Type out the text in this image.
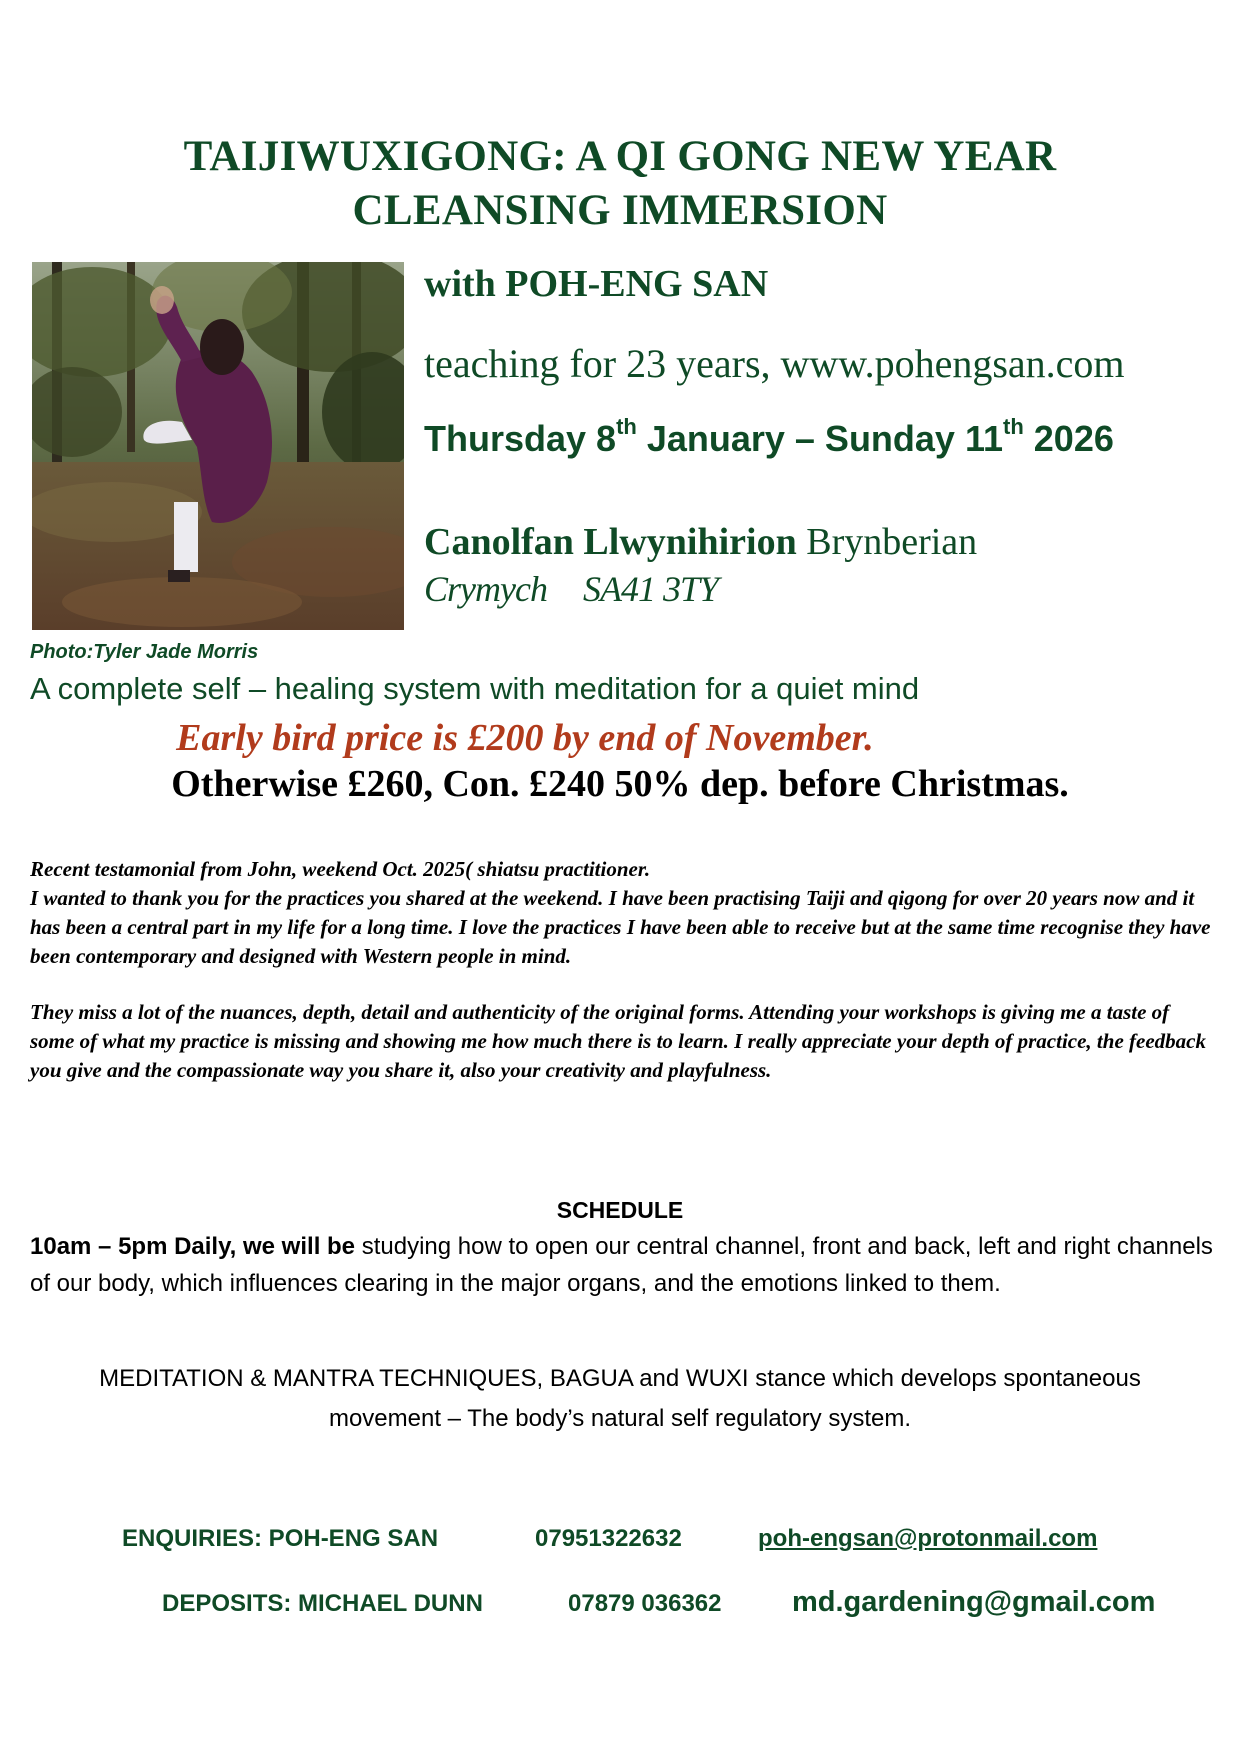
TAIJIWUXIGONG: A QI GONG NEW YEAR
CLEANSING IMMERSION
Photo:Tyler Jade Morris
with POH-ENG SAN
teaching for 23 years, www.pohengsan.com
Thursday 8th January – Sunday 11th 2026
Canolfan Llwynihirion Brynberian
Crymych SA41 3TY
A complete self – healing system with meditation for a quiet mind
Early bird price is £200 by end of November.
Otherwise £260, Con. £240 50% dep. before Christmas.

Recent testamonial from John, weekend Oct. 2025( shiatsu practitioner.

I wanted to thank you for the practices you shared at the weekend. I have been practising Taiji and qigong for over 20 years now and it has been a central part in my life for a long time. I love the practices I have been able to receive but at the same time recognise they have been contemporary and designed with Western people in mind.

They miss a lot of the nuances, depth, detail and authenticity of the original forms. Attending your workshops is giving me a taste of some of what my practice is missing and showing me how much there is to learn. I really appreciate your depth of practice, the feedback you give and the compassionate way you share it, also your creativity and playfulness.

SCHEDULE

10am – 5pm Daily, we will be studying how to open our central channel, front and back, left and right channels of our body, which influences clearing in the major organs, and the emotions linked to them.

MEDITATION & MANTRA TECHNIQUES, BAGUA and WUXI stance which develops spontaneous movement – The body’s natural self regulatory system.

ENQUIRIES: POH-ENG SAN	07951322632	poh-engsan@protonmail.com
DEPOSITS: MICHAEL DUNN	07879 036362 md.gardening@gmail.com
